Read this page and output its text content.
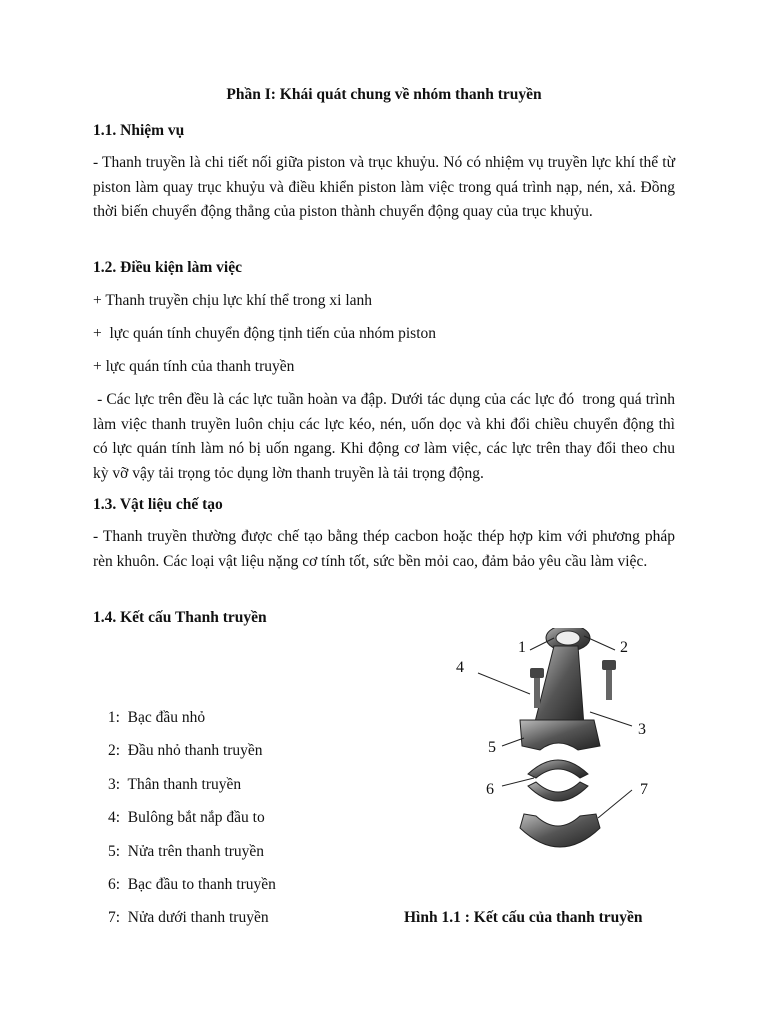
Phần I: Khái quát chung về nhóm thanh truyền
1.1. Nhiệm vụ
- Thanh truyền là chi tiết nối giữa piston và trục khuỷu. Nó có nhiệm vụ truyền lực khí thể từ piston làm quay trục khuỷu và điều khiển piston làm việc trong quá trình nạp, nén, xả. Đồng thời biến chuyển động thẳng của piston thành chuyển động quay của trục khuỷu.
1.2. Điều kiện làm việc
+ Thanh truyền chịu lực khí thể trong xi lanh
+  lực quán tính chuyển động tịnh tiến của nhóm piston
+ lực quán tính của thanh truyền
- Các lực trên đều là các lực tuần hoàn va đập. Dưới tác dụng của các lực đó  trong quá trình làm việc thanh truyền luôn chịu các lực kéo, nén, uốn dọc và khi đổi chiều chuyển động thì có lực quán tính làm nó bị uốn ngang. Khi động cơ làm việc, các lực trên thay đổi theo chu kỳ vỡ vậy tải trọng tỏc dụng lờn thanh truyền là tải trọng động.
1.3. Vật liệu chế tạo
- Thanh truyền thường được chế tạo bằng thép cacbon hoặc thép hợp kim với phương pháp rèn khuôn. Các loại vật liệu nặng cơ tính tốt, sức bền mỏi cao, đảm bảo yêu cầu làm việc.
1.4. Kết cấu Thanh truyền
1:  Bạc đầu nhỏ
2:  Đầu nhỏ thanh truyền
3:  Thân thanh truyền
4:  Bulông bắt nắp đầu to
5:  Nửa trên thanh truyền
6:  Bạc đầu to thanh truyền
7:  Nửa dưới thanh truyền
1	2
3
4
5
6	7
Hình 1.1 : Kết cấu của thanh truyền
